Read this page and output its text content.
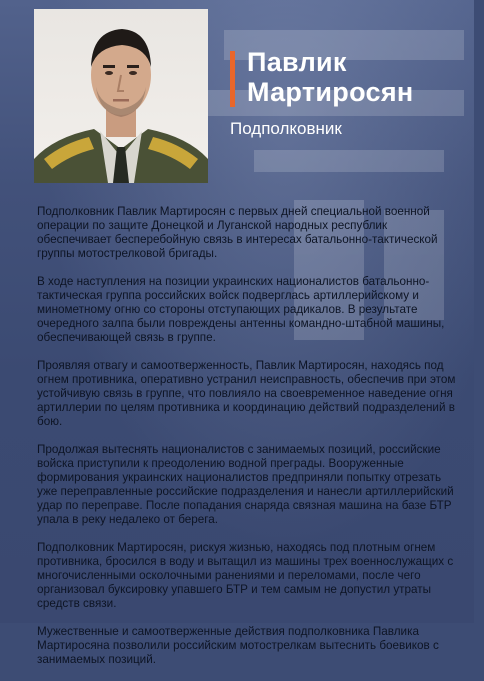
Павлик
Мартиросян
Подполковник

Подполковник Павлик Мартиросян с первых дней специальной военной операции по защите Донецкой и Луганской народных республик обеспечивает бесперебойную связь в интересах батальонно-тактической группы мотострелковой бригады.

В ходе наступления на позиции украинских националистов батальонно-тактическая группа российских войск подверглась артиллерийскому и минометному огню со стороны отступающих радикалов. В результате очередного залпа были повреждены антенны командно-штабной машины, обеспечивающей связь в группе.

Проявляя отвагу и самоотверженность, Павлик Мартиросян, находясь под огнем противника, оперативно устранил неисправность, обеспечив при этом устойчивую связь в группе, что повлияло на своевременное наведение огня артиллерии по целям противника и координацию действий подразделений в бою.

Продолжая вытеснять националистов с занимаемых позиций, российские войска приступили к преодолению водной преграды. Вооруженные формирования украинских националистов предприняли попытку отрезать уже переправленные российские подразделения и нанесли артиллерийский удар по переправе. После попадания снаряда связная машина на базе БТР упала в реку недалеко от берега.

Подполковник Мартиросян, рискуя жизнью, находясь под плотным огнем противника, бросился в воду и вытащил из машины трех военнослужащих с многочисленными осколочными ранениями и переломами, после чего организовал буксировку упавшего БТР и тем самым не допустил утраты средств связи.

Мужественные и самоотверженные действия подполковника Павлика Мартиросяна позволили российским мотострелкам вытеснить боевиков с занимаемых позиций.
